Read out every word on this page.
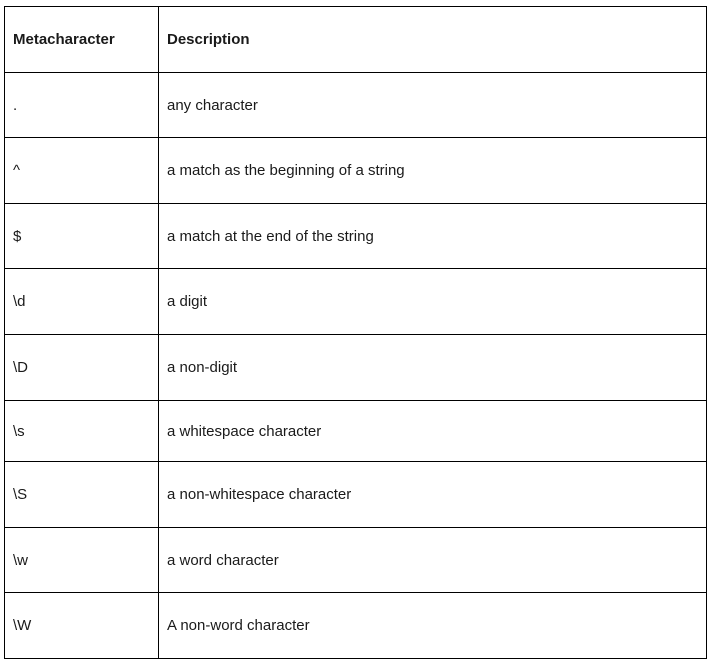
Metacharacter	Description
.	any character
^	a match as the beginning of a string
$	a match at the end of the string
\d	a digit
\D	a non-digit
\s	a whitespace character
\S	a non-whitespace character
\w	a word character
\W	A non-word character
